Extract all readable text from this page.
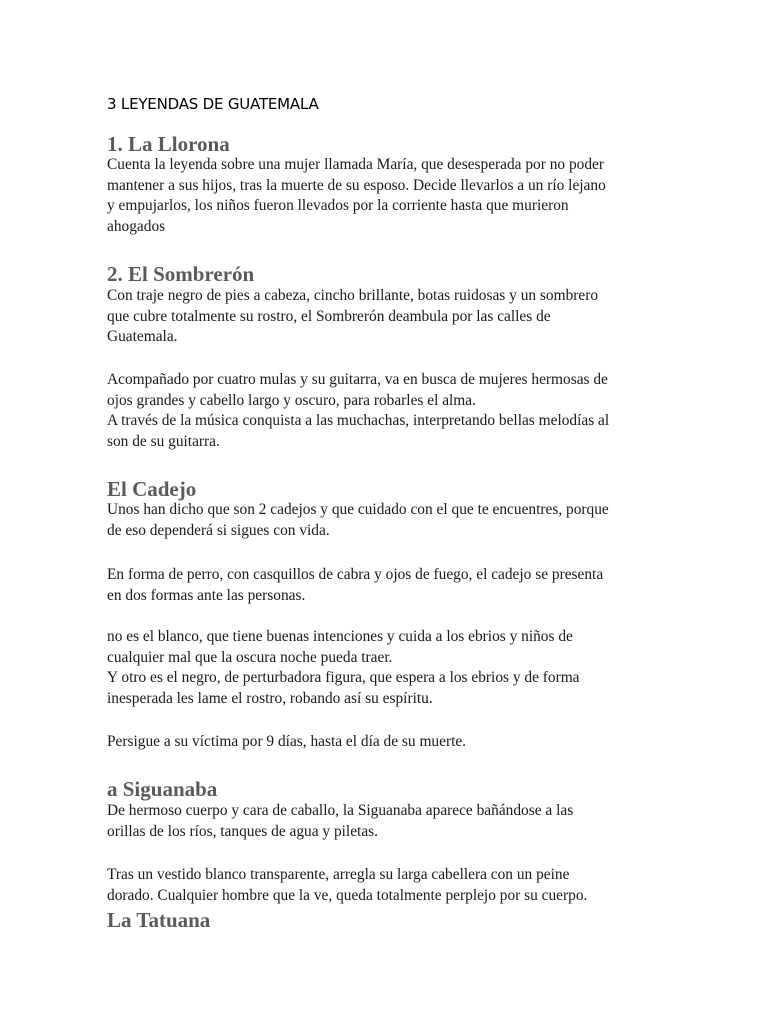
3 LEYENDAS DE GUATEMALA
1. La Llorona

Cuenta la leyenda sobre una mujer llamada María, que desesperada por no poder
mantener a sus hijos, tras la muerte de su esposo. Decide llevarlos a un río lejano
y empujarlos, los niños fueron llevados por la corriente hasta que murieron
ahogados

2. El Sombrerón

Con traje negro de pies a cabeza, cincho brillante, botas ruidosas y un sombrero
que cubre totalmente su rostro, el Sombrerón deambula por las calles de
Guatemala.

Acompañado por cuatro mulas y su guitarra, va en busca de mujeres hermosas de
ojos grandes y cabello largo y oscuro, para robarles el alma.
A través de la música conquista a las muchachas, interpretando bellas melodías al
son de su guitarra.

El Cadejo

Unos han dicho que son 2 cadejos y que cuidado con el que te encuentres, porque
de eso dependerá si sigues con vida.

En forma de perro, con casquillos de cabra y ojos de fuego, el cadejo se presenta
en dos formas ante las personas.

no es el blanco, que tiene buenas intenciones y cuida a los ebrios y niños de
cualquier mal que la oscura noche pueda traer.
Y otro es el negro, de perturbadora figura, que espera a los ebrios y de forma
inesperada les lame el rostro, robando así su espíritu.

Persigue a su víctima por 9 días, hasta el día de su muerte.

a Siguanaba

De hermoso cuerpo y cara de caballo, la Siguanaba aparece bañándose a las
orillas de los ríos, tanques de agua y piletas.

Tras un vestido blanco transparente, arregla su larga cabellera con un peine
dorado. Cualquier hombre que la ve, queda totalmente perplejo por su cuerpo.

La Tatuana
